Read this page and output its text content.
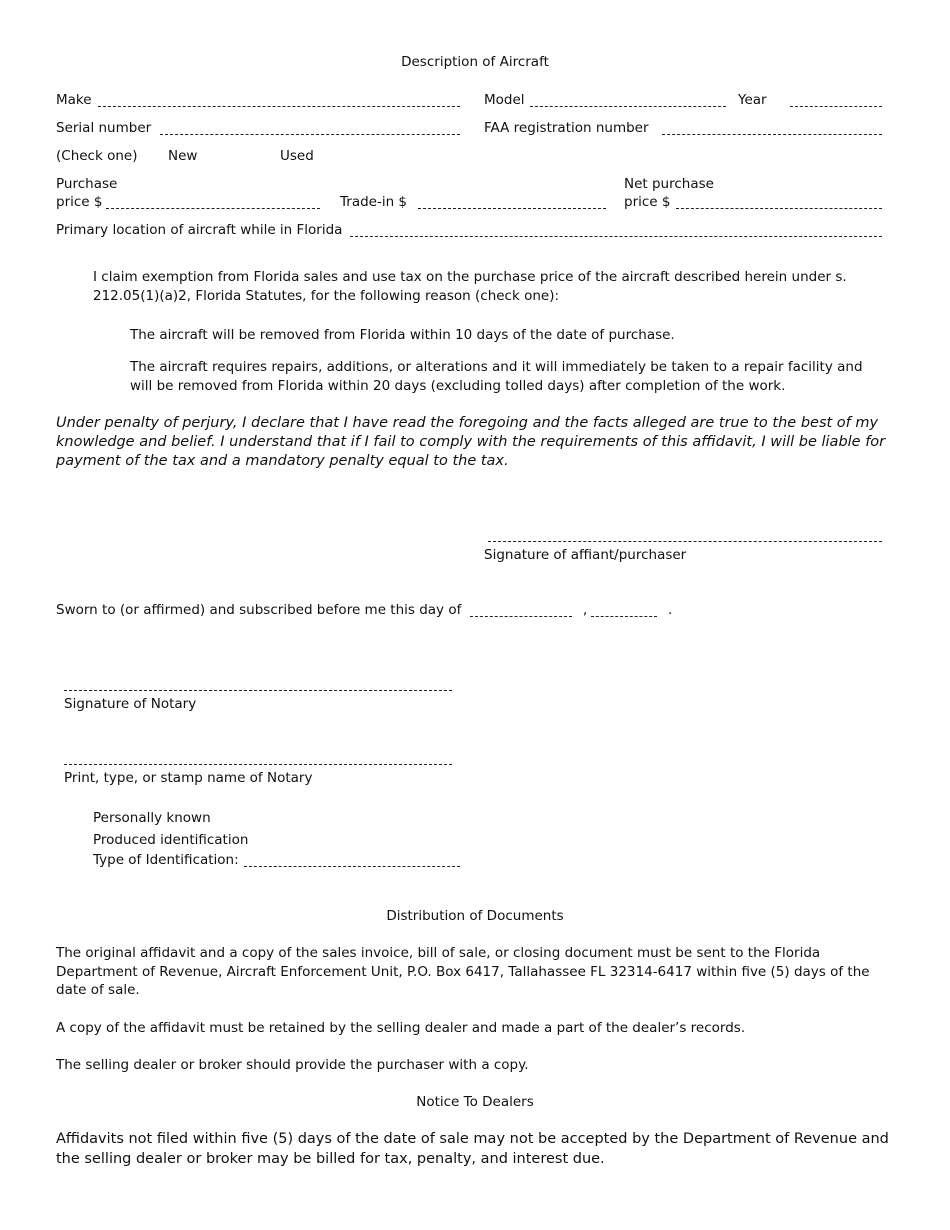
Description of Aircraft
Make	Model	Year
Serial number	FAA registration number
(Check one) New	Used
Purchase
price $	Trade-in $
Net purchase
price $
Primary location of aircraft while in Florida
I claim exemption from Florida sales and use tax on the purchase price of the aircraft described herein under s. 212.05(1)(a)2, Florida Statutes, for the following reason (check one):
The aircraft will be removed from Florida within 10 days of the date of purchase.
The aircraft requires repairs, additions, or alterations and it will immediately be taken to a repair facility and will be removed from Florida within 20 days (excluding tolled days) after completion of the work.
Under penalty of perjury, I declare that I have read the foregoing and the facts alleged are true to the best of my knowledge and belief. I understand that if I fail to comply with the requirements of this affidavit, I will be liable for payment of the tax and a mandatory penalty equal to the tax.
Signature of affiant/purchaser
Sworn to (or affirmed) and subscribed before me this day of	,	.
Signature of Notary
Print, type, or stamp name of Notary
Personally known
Produced identification
Type of Identification:
Distribution of Documents
The original affidavit and a copy of the sales invoice, bill of sale, or closing document must be sent to the Florida Department of Revenue, Aircraft Enforcement Unit, P.O. Box 6417, Tallahassee FL 32314-6417 within five (5) days of the date of sale.
A copy of the affidavit must be retained by the selling dealer and made a part of the dealer’s records.
The selling dealer or broker should provide the purchaser with a copy.
Notice To Dealers
Affidavits not filed within five (5) days of the date of sale may not be accepted by the Department of Revenue and the selling dealer or broker may be billed for tax, penalty, and interest due.
